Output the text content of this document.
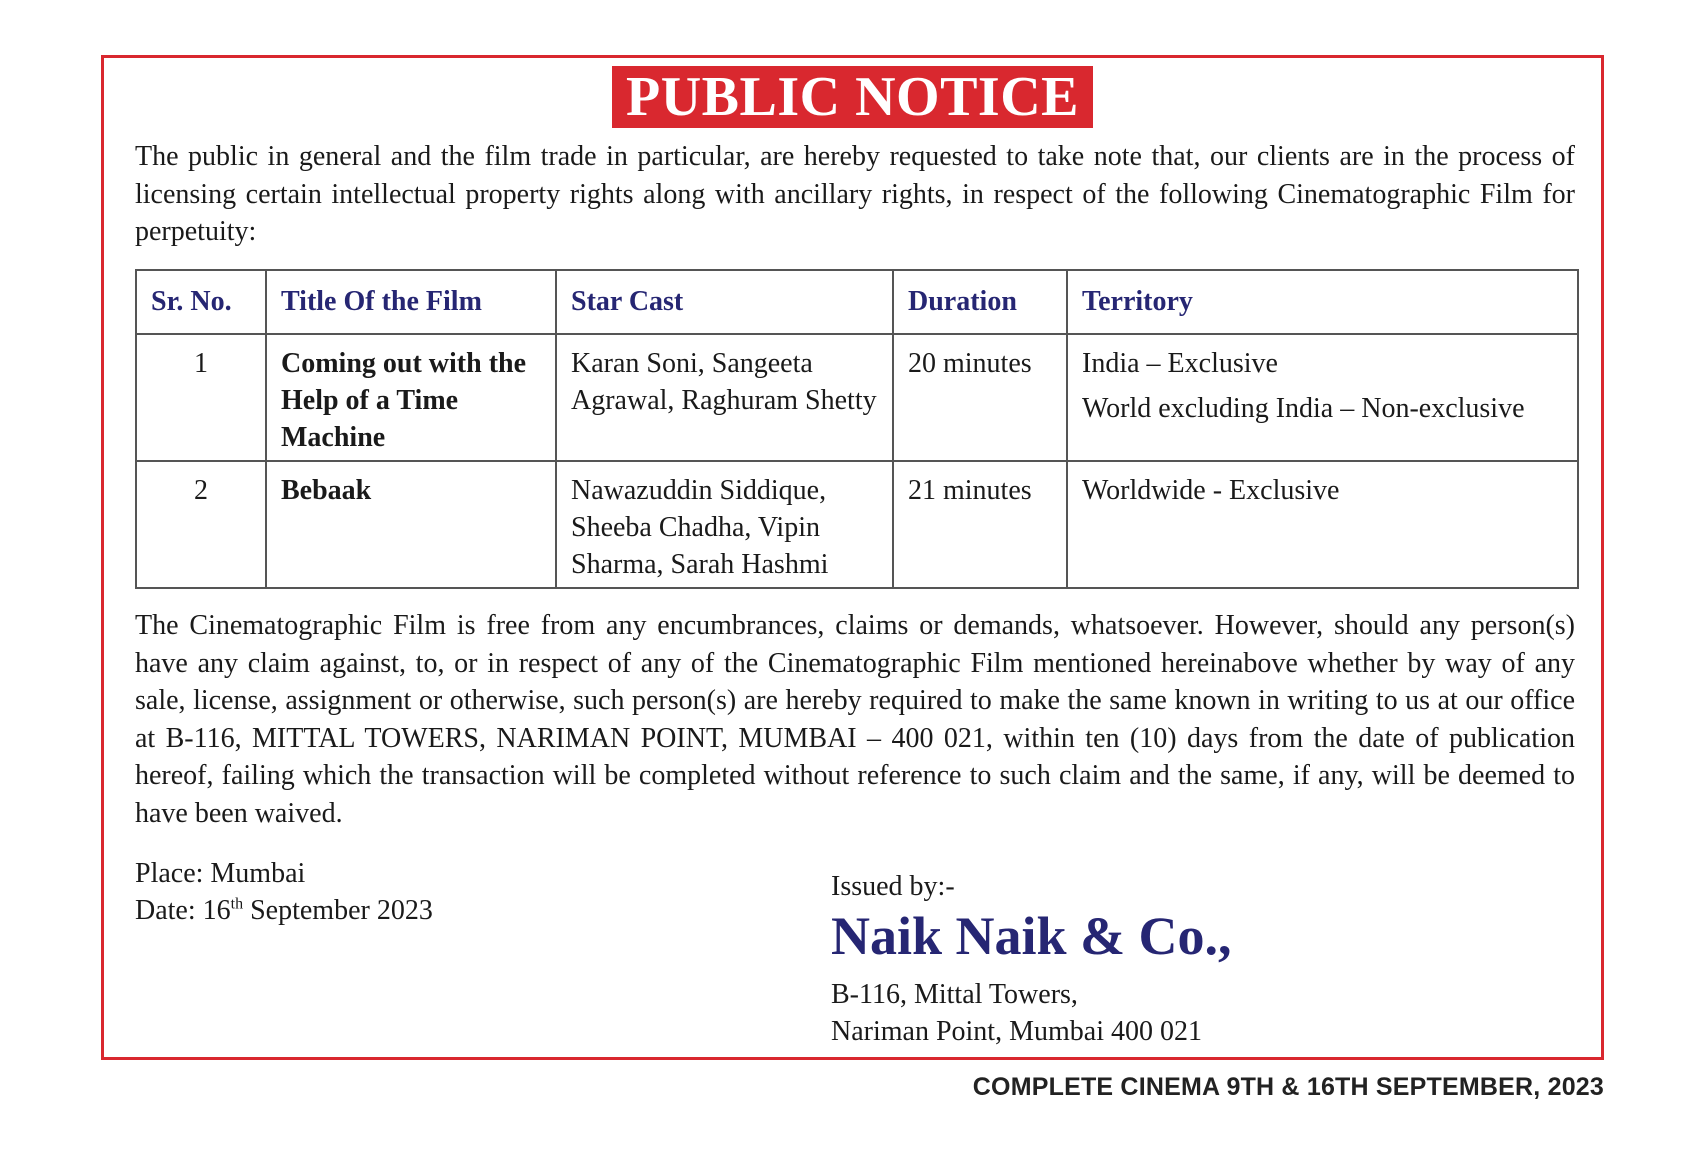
PUBLIC NOTICE

The public in general and the film trade in particular, are hereby requested to take note that, our clients are in the process of licensing certain intellectual property rights along with ancillary rights, in respect of the following Cinematographic Film for perpetuity:

Sr. No.	Title Of the Film	Star Cast	Duration	Territory
1	Coming out with the Help of a Time Machine	Karan Soni, Sangeeta Agrawal, Raghuram Shetty	20 minutes	India – Exclusive
World excluding India – Non-exclusive

2	Bebaak	Nawazuddin Siddique, Sheeba Chadha, Vipin Sharma, Sarah Hashmi	21 minutes	Worldwide - Exclusive

The Cinematographic Film is free from any encumbrances, claims or demands, whatsoever. However, should any person(s) have any claim against, to, or in respect of any of the Cinematographic Film mentioned hereinabove whether by way of any sale, license, assignment or otherwise, such person(s) are hereby required to make the same known in writing to us at our office at B-116, MITTAL TOWERS, NARIMAN POINT, MUMBAI – 400 021, within ten (10) days from the date of publication hereof, failing which the transaction will be completed without reference to such claim and the same, if any, will be deemed to have been waived.

Place: Mumbai
Date: 16th September 2023
Issued by:-
Naik Naik & Co.,
B-116, Mittal Towers,
Nariman Point, Mumbai 400 021
COMPLETE CINEMA 9TH & 16TH SEPTEMBER, 2023
